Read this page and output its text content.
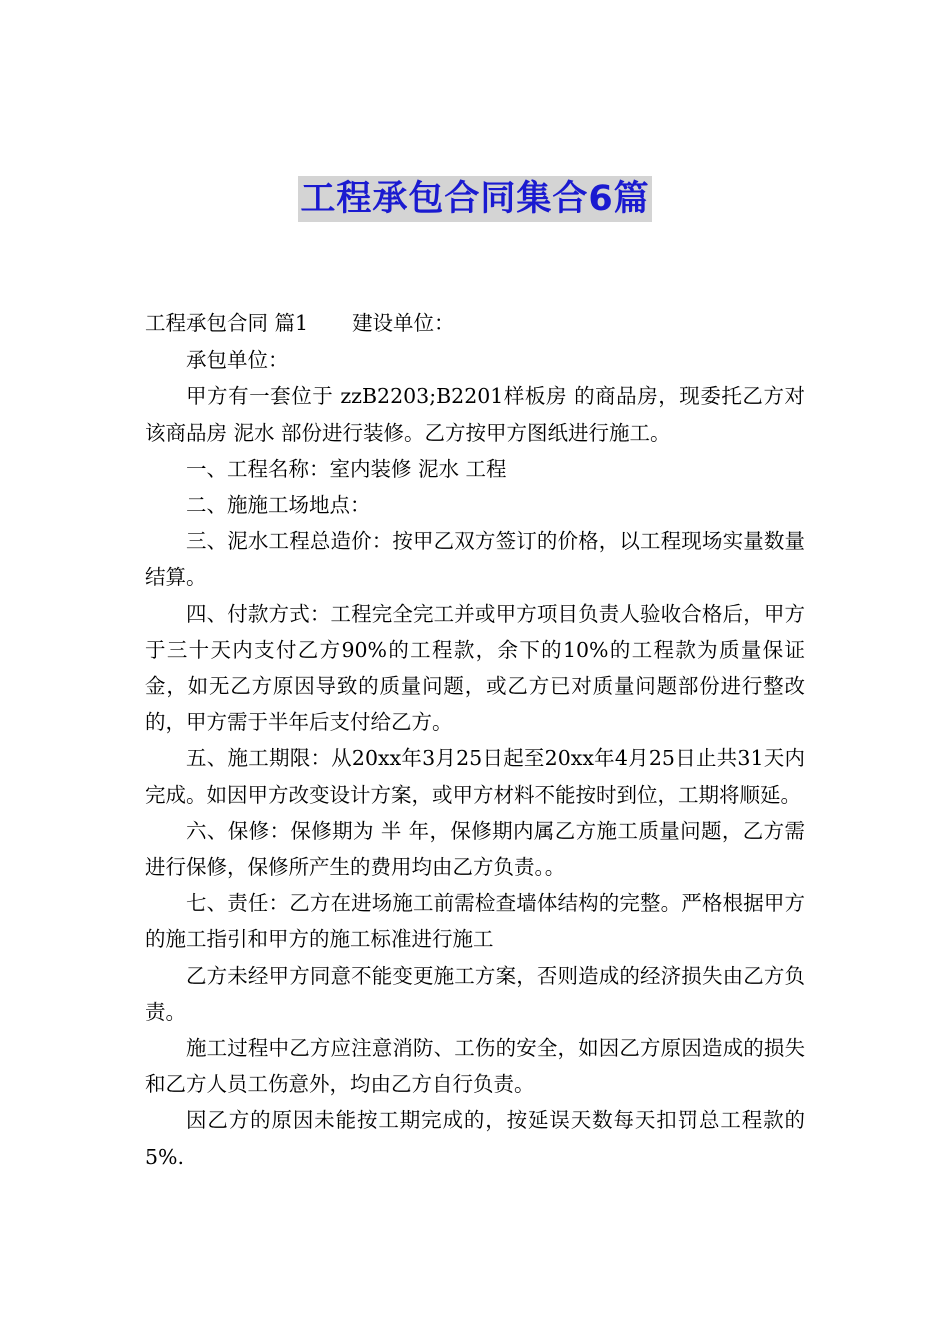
工程承包合同集合6篇

工程承包合同 篇1 建设单位：

承包单位：

甲方有一套位于 zzB2203;B2201样板房 的商品房，现委托乙方对该商品房 泥水 部份进行装修。乙方按甲方图纸进行施工。

一、工程名称：室内装修 泥水 工程

二、施施工场地点：

三、泥水工程总造价：按甲乙双方签订的价格，以工程现场实量数量结算。

四、付款方式：工程完全完工并或甲方项目负责人验收合格后，甲方于三十天内支付乙方90%的工程款，余下的10%的工程款为质量保证金，如无乙方原因导致的质量问题，或乙方已对质量问题部份进行整改的，甲方需于半年后支付给乙方。

五、施工期限：从20xx年3月25日起至20xx年4月25日止共31天内完成。如因甲方改变设计方案，或甲方材料不能按时到位，工期将顺延。

六、保修：保修期为 半 年，保修期内属乙方施工质量问题，乙方需进行保修，保修所产生的费用均由乙方负责。。

七、责任：乙方在进场施工前需检查墙体结构的完整。严格根据甲方的施工指引和甲方的施工标准进行施工

乙方未经甲方同意不能变更施工方案，否则造成的经济损失由乙方负责。

施工过程中乙方应注意消防、工伤的安全，如因乙方原因造成的损失和乙方人员工伤意外，均由乙方自行负责。

因乙方的原因未能按工期完成的，按延误天数每天扣罚总工程款的5%.
